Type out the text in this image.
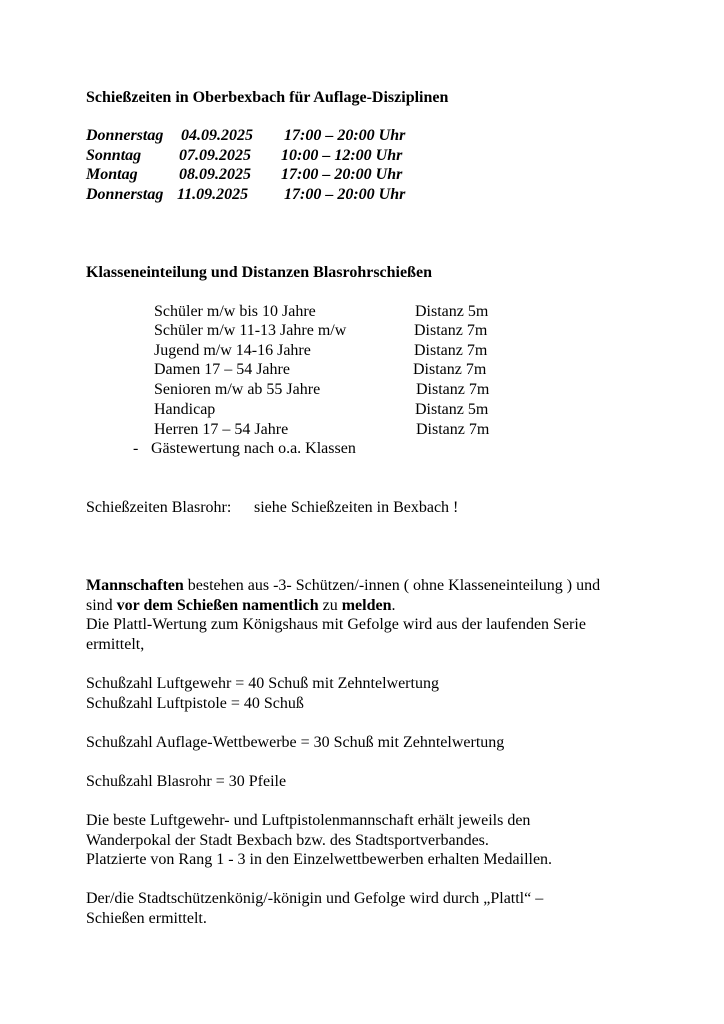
Schießzeiten in Oberbexbach für Auflage-Disziplinen
Donnerstag 04.09.2025 17:00 – 20:00 Uhr
Sonntag 07.09.2025 10:00 – 12:00 Uhr
Montag	08.09.2025 17:00 – 20:00 Uhr
Donnerstag 11.09.2025 17:00 – 20:00 Uhr
Klasseneinteilung und Distanzen Blasrohrschießen
Schüler m/w bis 10 Jahre	Distanz 5m
Schüler m/w 11-13 Jahre m/w	Distanz 7m
Jugend m/w 14-16 Jahre	Distanz 7m
Damen 17 – 54 Jahre	Distanz 7m
Senioren m/w ab 55 Jahre	Distanz 7m
Handicap	Distanz 5m
Herren 17 – 54 Jahre	Distanz 7m
- Gästewertung nach o.a. Klassen
Schießzeiten Blasrohr: siehe Schießzeiten in Bexbach !
Mannschaften bestehen aus -3- Schützen/-innen ( ohne Klasseneinteilung ) und
sind vor dem Schießen namentlich zu melden.
Die Plattl-Wertung zum Königshaus mit Gefolge wird aus der laufenden Serie
ermittelt,
Schußzahl Luftgewehr = 40 Schuß mit Zehntelwertung
Schußzahl Luftpistole = 40 Schuß
Schußzahl Auflage-Wettbewerbe = 30 Schuß mit Zehntelwertung
Schußzahl Blasrohr = 30 Pfeile
Die beste Luftgewehr- und Luftpistolenmannschaft erhält jeweils den
Wanderpokal der Stadt Bexbach bzw. des Stadtsportverbandes.
Platzierte von Rang 1 - 3 in den Einzelwettbewerben erhalten Medaillen.
Der/die Stadtschützenkönig/-königin und Gefolge wird durch „Plattl“ –
Schießen ermittelt.
